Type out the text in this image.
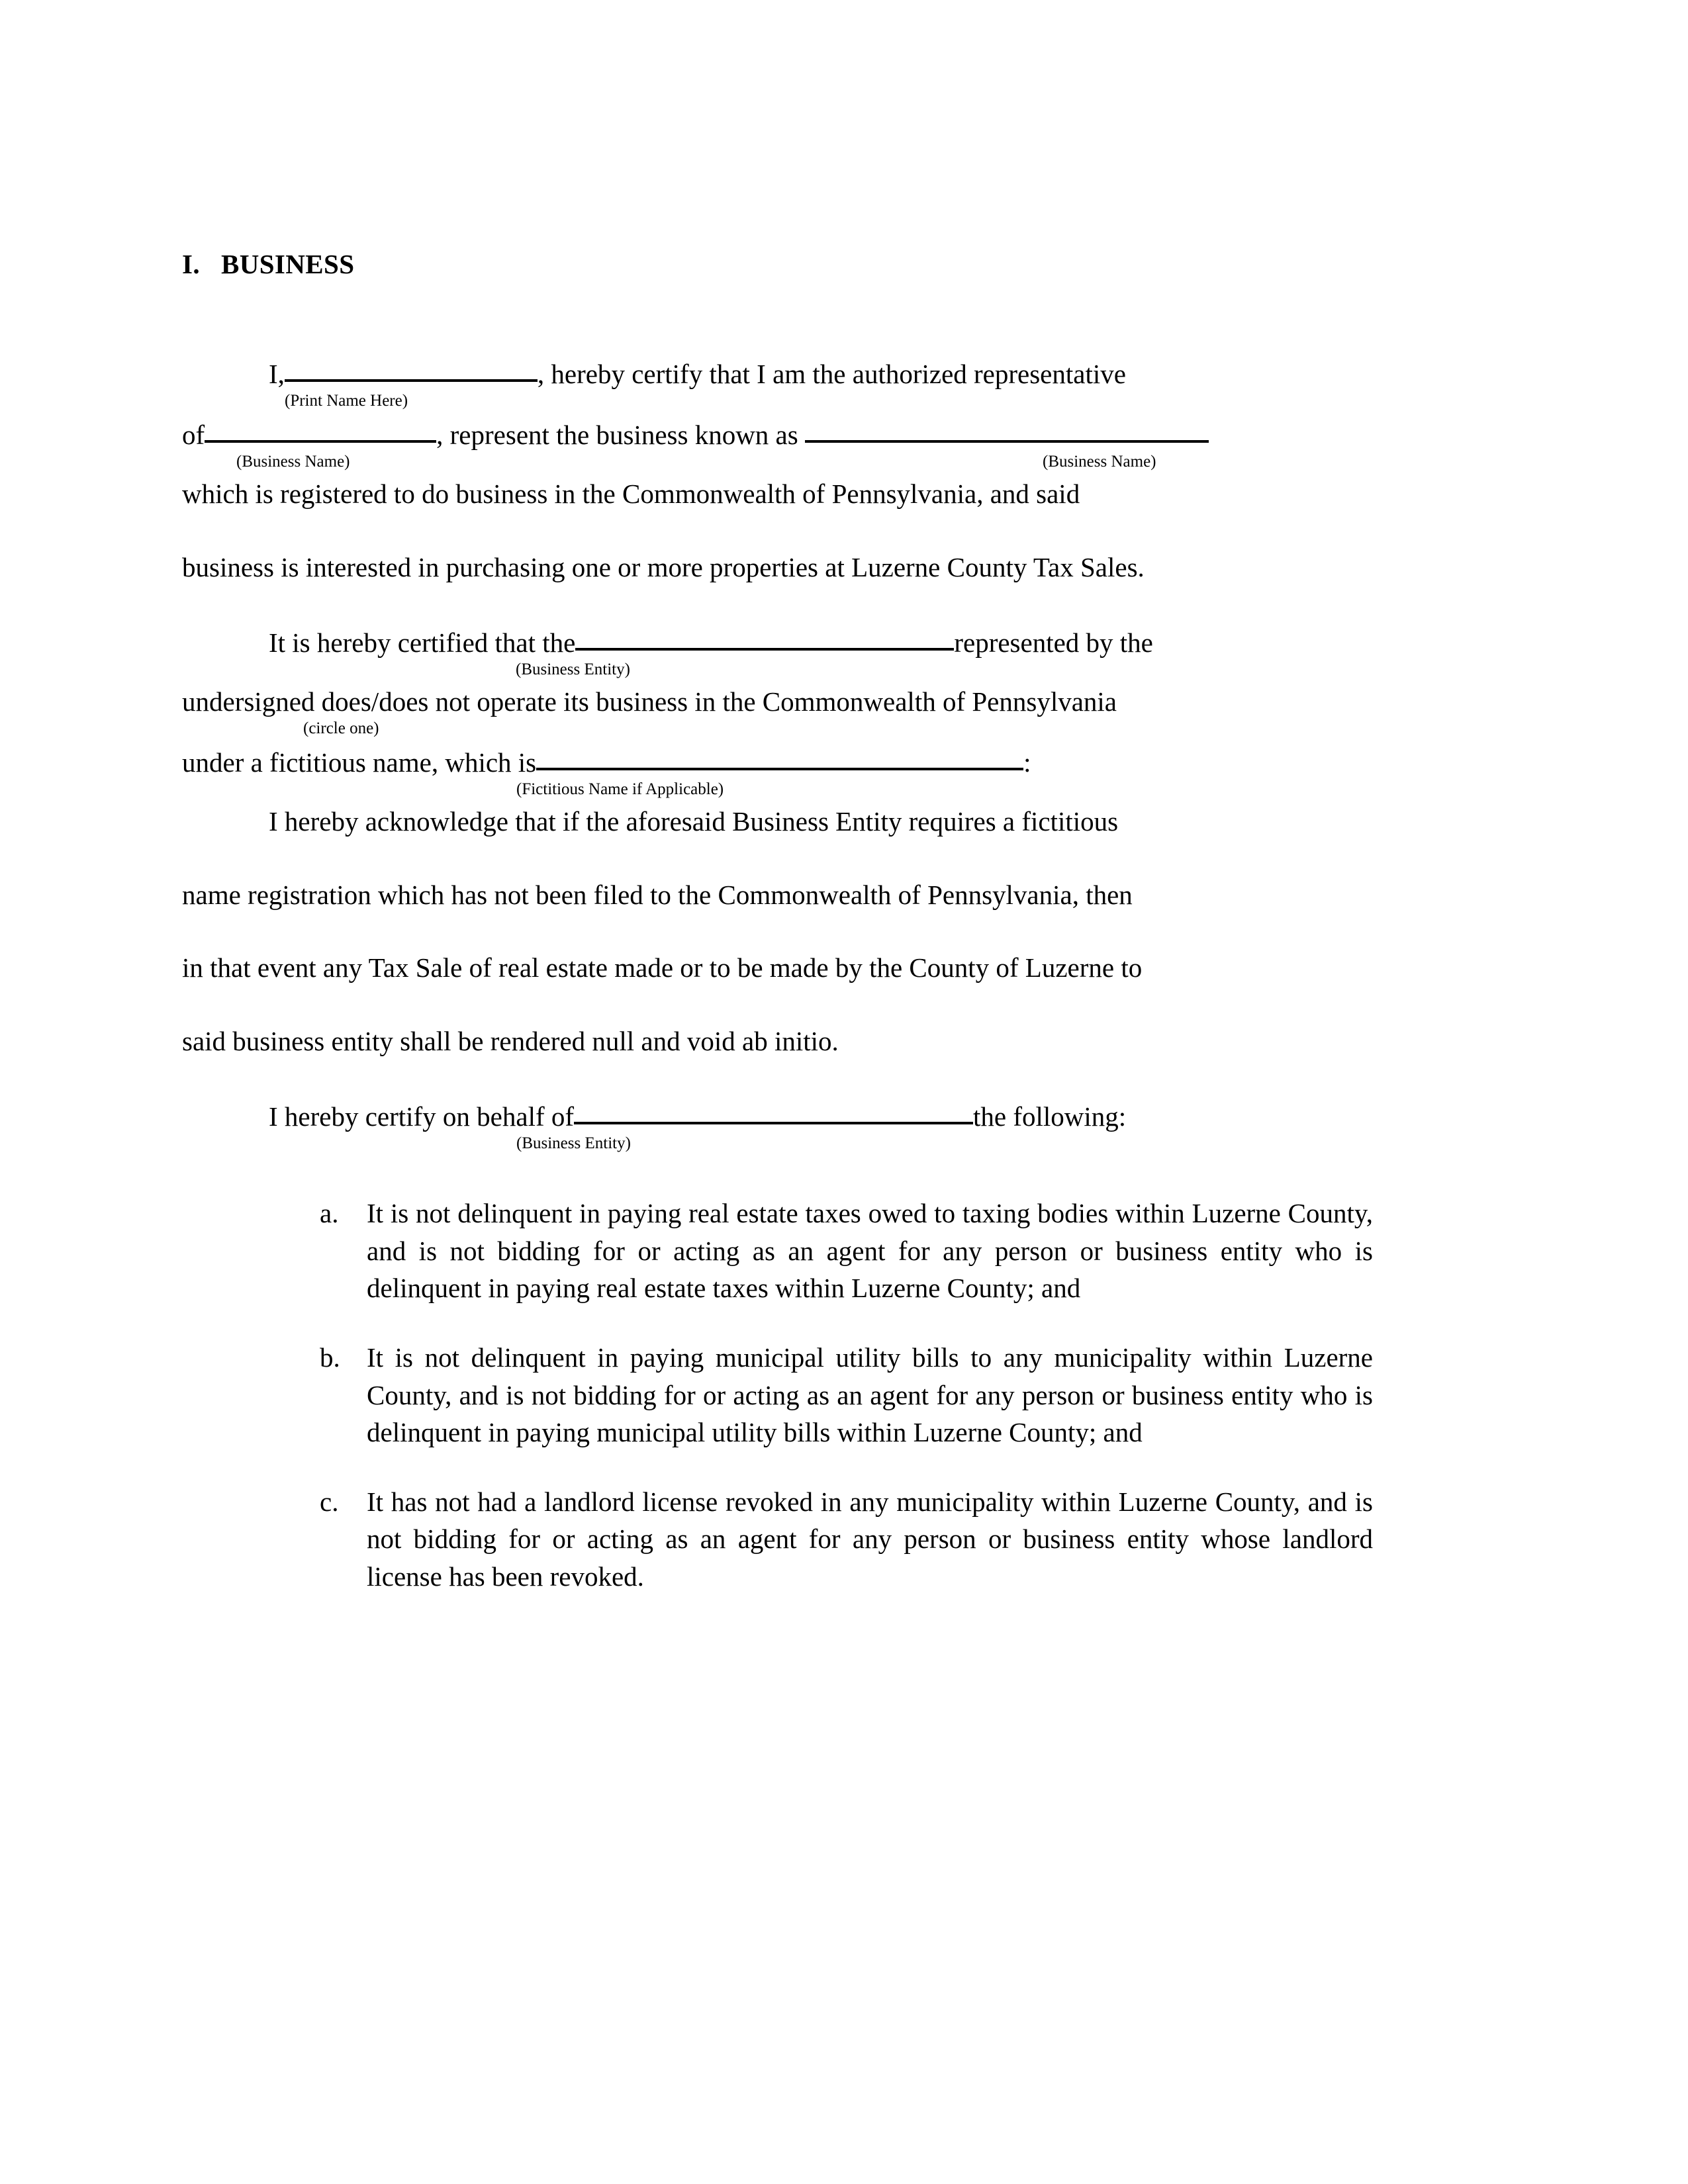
I.   BUSINESS
I,	, hereby certify that I am the authorized representative
(Print Name Here)
of	, represent the business known as
(Business Name)	(Business Name)
which is registered to do business in the Commonwealth of Pennsylvania, and said
business is interested in purchasing one or more properties at Luzerne County Tax Sales.
It is hereby certified that the	represented by the
(Business Entity)
undersigned does/does not operate its business in the Commonwealth of Pennsylvania
(circle one)
under a fictitious name, which is	:
(Fictitious Name if Applicable)
I hereby acknowledge that if the aforesaid Business Entity requires a fictitious
name registration which has not been filed to the Commonwealth of Pennsylvania, then
in that event any Tax Sale of real estate made or to be made by the County of Luzerne to
said business entity shall be rendered null and void ab initio.
I hereby certify on behalf of	the following:
(Business Entity)
a. It is not delinquent in paying real estate taxes owed to taxing bodies within Luzerne County, and is not bidding for or acting as an agent for any person or business entity who is delinquent in paying real estate taxes within Luzerne County; and
b. It is not delinquent in paying municipal utility bills to any municipality within Luzerne County, and is not bidding for or acting as an agent for any person or business entity who is delinquent in paying municipal utility bills within Luzerne County; and
c. It has not had a landlord license revoked in any municipality within Luzerne County, and is not bidding for or acting as an agent for any person or business entity whose landlord license has been revoked.
